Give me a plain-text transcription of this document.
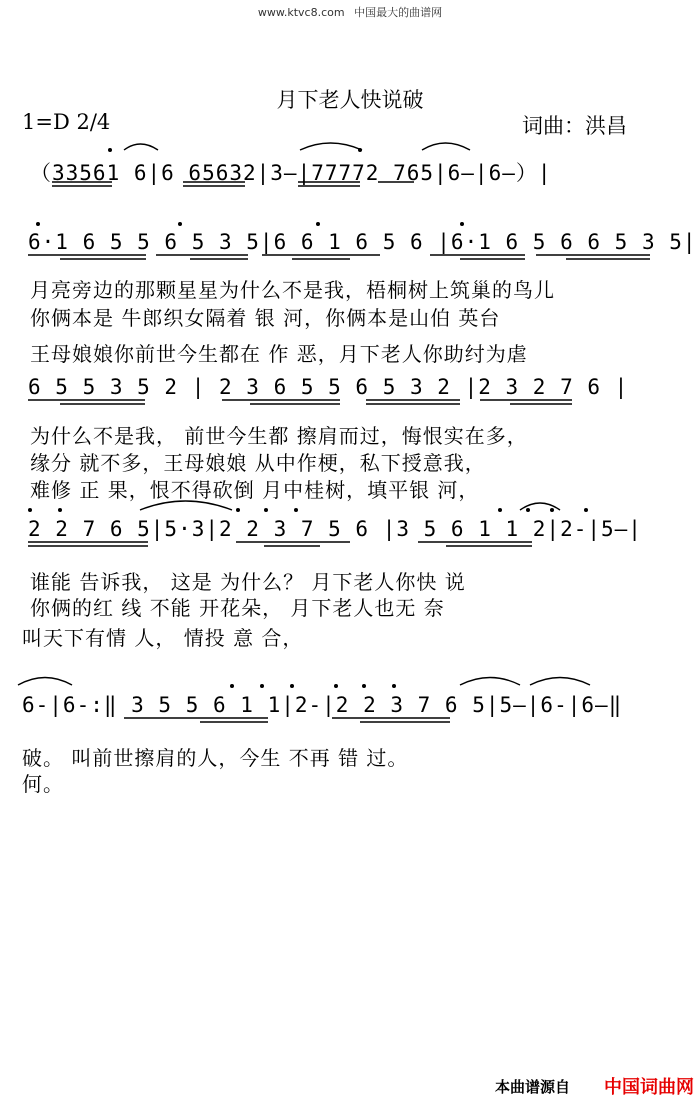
www.ktvc8.com 中国最大的曲谱网
月下老人快说破
1=D 2/4	词曲：洪昌
（33561 6|6 65632|3—|77772 765|6—|6—）|
6·1 6 5 5 6 5 3 5|6 6 1 6 5 6 |6·1 6 5 6 6 5 3 5|
月亮旁边的那颗星星为什么不是我，梧桐树上筑巢的鸟儿
你俩本是 牛郎织女隔着 银 河，你俩本是山伯 英台
王母娘娘你前世今生都在 作 恶，月下老人你助纣为虐
6 5 5 3 5 2 | 2 3 6 5 5 6 5 3 2 |2 3 2 7 6 |
为什么不是我， 前世今生都 擦肩而过，悔恨实在多，
缘分 就不多，王母娘娘 从中作梗，私下授意我，
难修 正 果，恨不得砍倒 月中桂树，填平银 河，
2 2 7 6 5|5·3|2 2 3 7 5 6 |3 5 6 1 1 2|2-|5—|
谁能 告诉我， 这是 为什么？ 月下老人你快 说
你俩的红 线 不能 开花朵， 月下老人也无 奈
叫天下有情 人， 情投 意 合，
6-|6-:‖ 3 5 5 6 1 1|2-|2 2 3 7 6 5|5—|6-|6—‖
破。 叫前世擦肩的人，今生 不再 错 过。
何。
本曲谱源自 中国词曲网
